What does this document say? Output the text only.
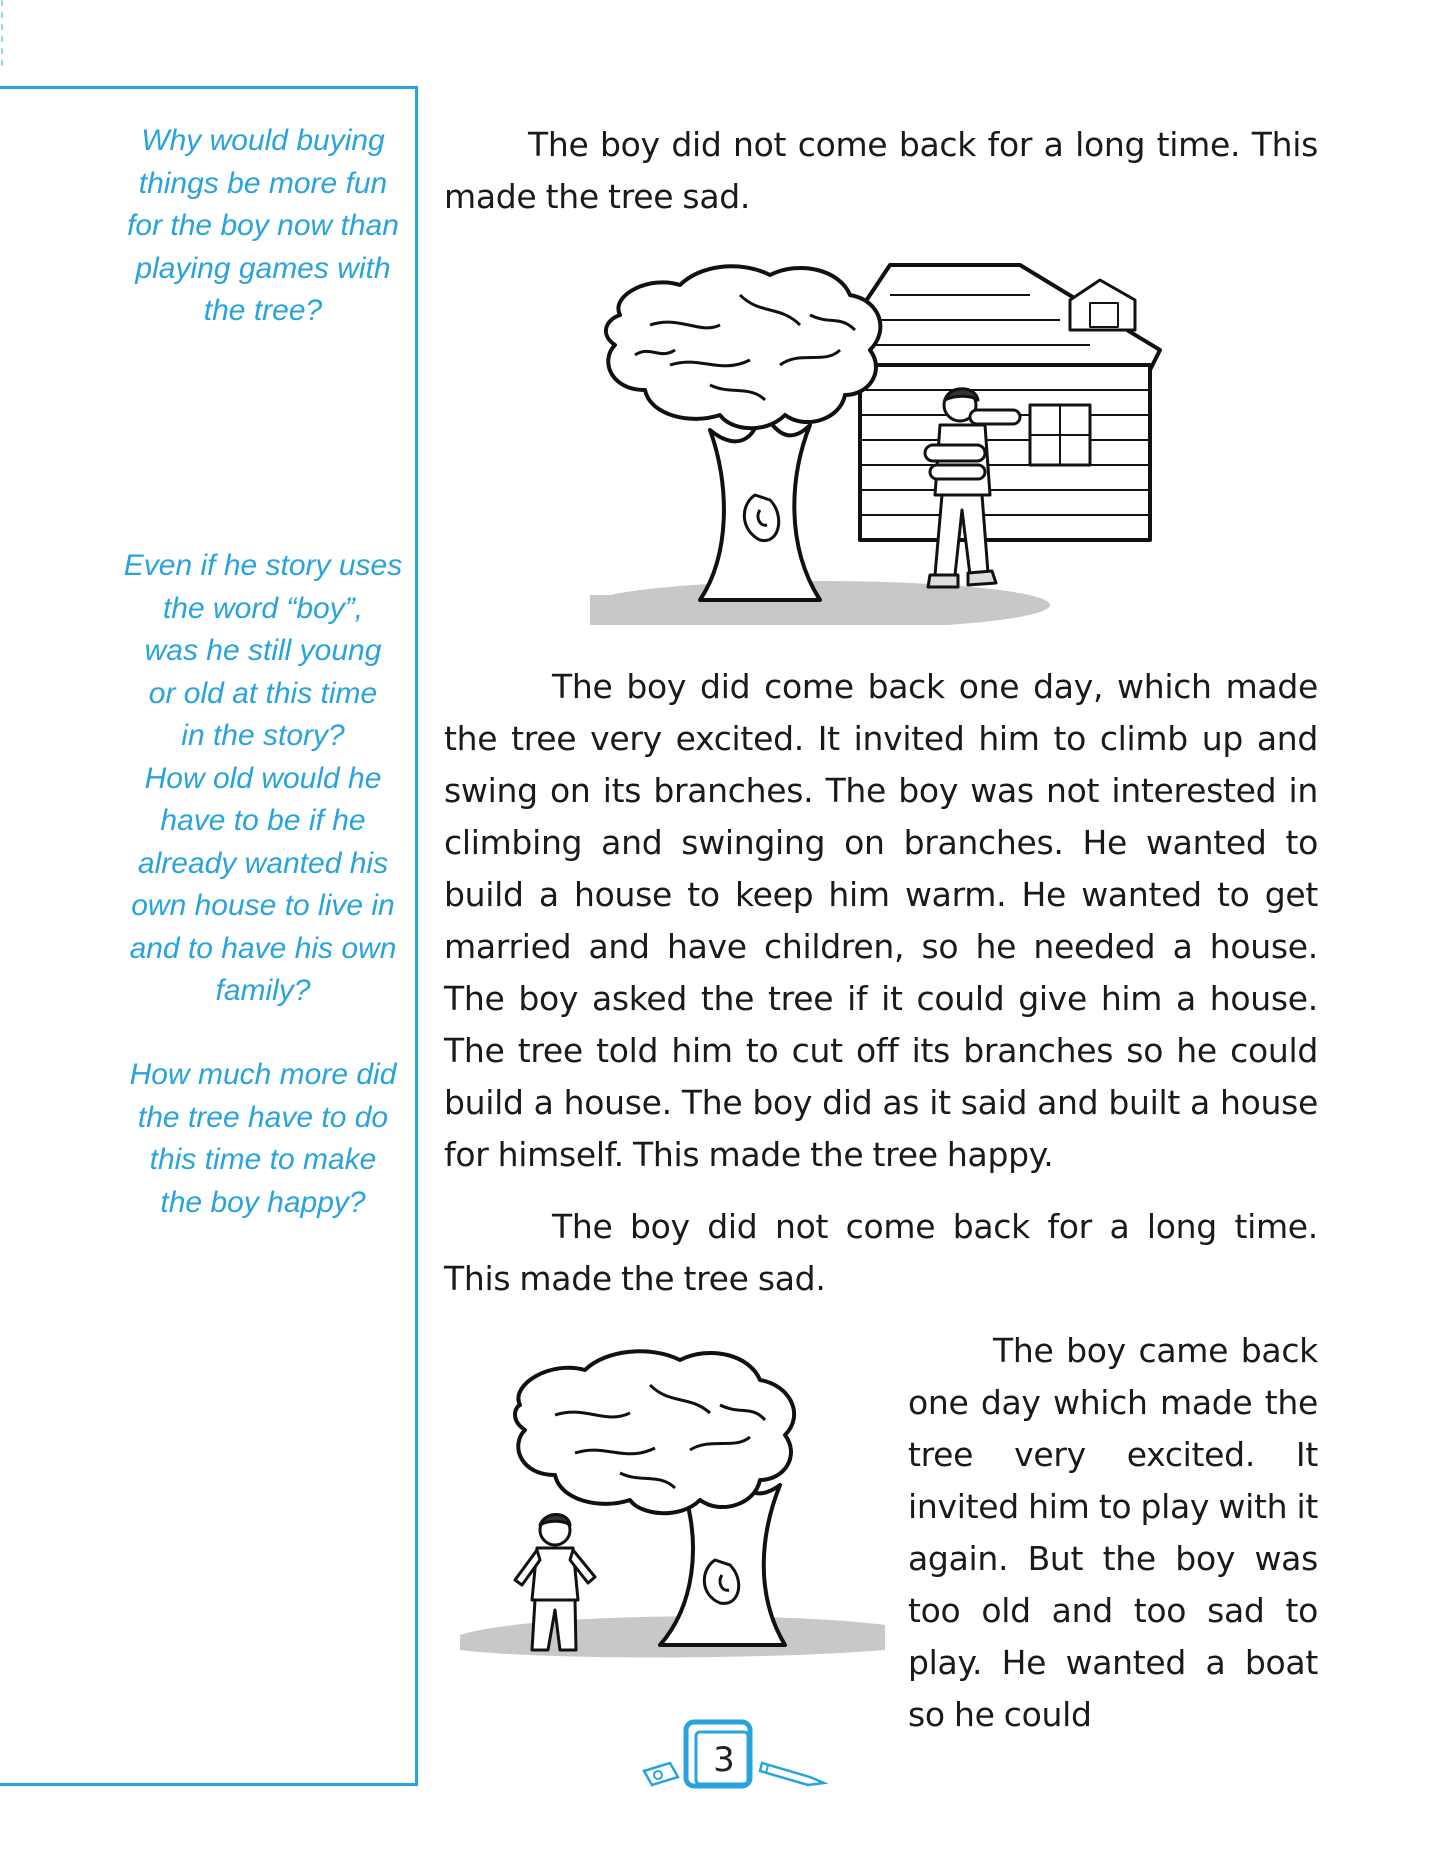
Why would buying
things be more fun
for the boy now than
playing games with
the tree?
Even if he story uses
the word “boy”,
was he still young
or old at this time
in the story?
How old would he
have to be if he
already wanted his
own house to live in
and to have his own
family?
How much more did
the tree have to do
this time to make
the boy happy?
The boy did not come back for a long time. This made the tree sad.
The boy did come back one day, which made the tree very excited. It invited him to climb up and swing on its branches. The boy was not interested in climbing and swinging on branches. He wanted to build a house to keep him warm. He wanted to get married and have children, so he needed a house. The boy asked the tree if it could give him a house. The tree told him to cut off its branches so he could build a house. The boy did as it said and built a house for himself. This made the tree happy.
The boy did not come back for a long time. This made the tree sad.
The boy came back one day which made the tree very excited. It invited him to play with it again. But the boy was too old and too sad to play. He wanted a boat so he could
3
